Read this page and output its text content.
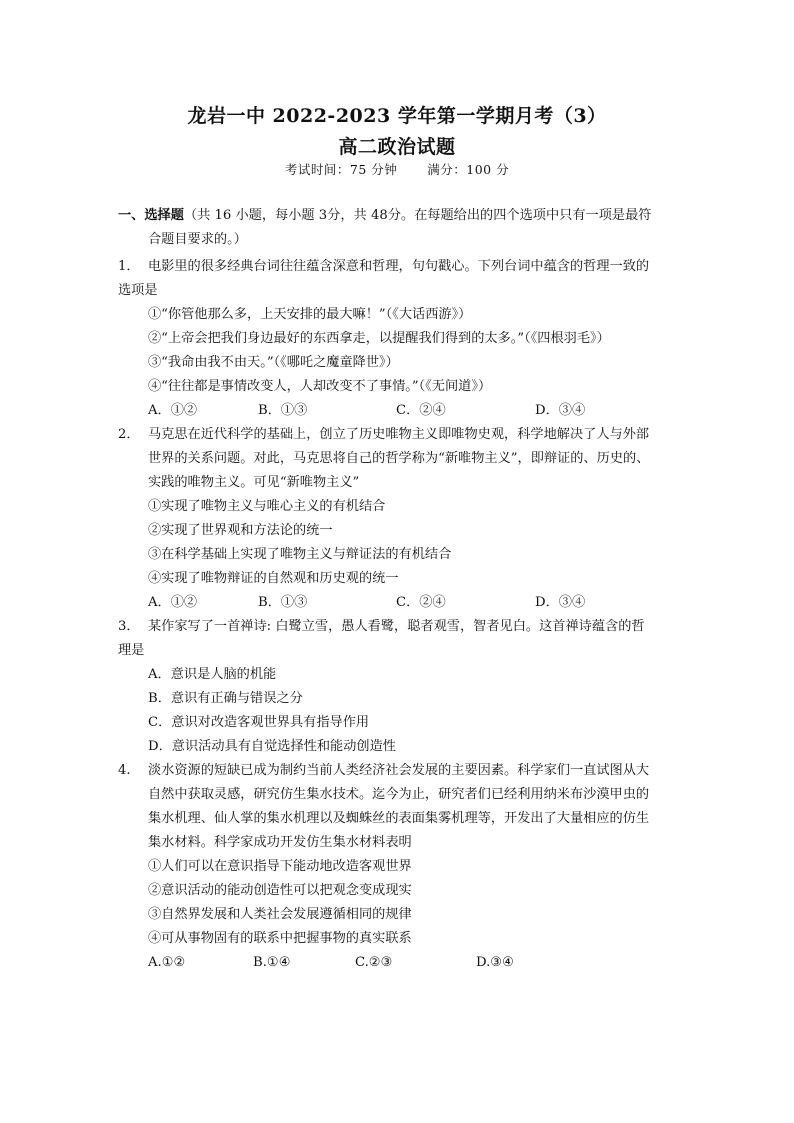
龙岩一中 2022-2023 学年第一学期月考（3）
高二政治试题
考试时间：75 分钟 满分：100 分
一、选择题（共 16 小题，每小题 3分，共 48分。在每题给出的四个选项中只有一项是最符
合题目要求的。）
1． 电影里的很多经典台词往往蕴含深意和哲理，句句戳心。下列台词中蕴含的哲理一致的
选项是
①“你管他那么多，上天安排的最大嘛！”（《大话西游》）
②“上帝会把我们身边最好的东西拿走，以提醒我们得到的太多。”（《四根羽毛》）
③“我命由我不由天。”（《哪吒之魔童降世》）
④“往往都是事情改变人，人却改变不了事情。”（《无间道》）
A．①②	B．①③	C．②④	D．③④
2． 马克思在近代科学的基础上，创立了历史唯物主义即唯物史观，科学地解决了人与外部
世界的关系问题。对此，马克思将自己的哲学称为“新唯物主义”，即辩证的、历史的、
实践的唯物主义。可见“新唯物主义”
①实现了唯物主义与唯心主义的有机结合
②实现了世界观和方法论的统一
③在科学基础上实现了唯物主义与辩证法的有机结合
④实现了唯物辩证的自然观和历史观的统一
A．①②	B．①③	C．②④	D．③④
3． 某作家写了一首禅诗: 白鹭立雪，愚人看鹭，聪者观雪，智者见白。这首禅诗蕴含的哲
理是
A．意识是人脑的机能
B．意识有正确与错误之分
C．意识对改造客观世界具有指导作用
D．意识活动具有自觉选择性和能动创造性
4. 淡水资源的短缺已成为制约当前人类经济社会发展的主要因素。科学家们一直试图从大
自然中获取灵感，研究仿生集水技术。迄今为止，研究者们已经利用纳米布沙漠甲虫的
集水机理、仙人掌的集水机理以及蜘蛛丝的表面集雾机理等，开发出了大量相应的仿生
集水材料。科学家成功开发仿生集水材料表明
①人们可以在意识指导下能动地改造客观世界
②意识活动的能动创造性可以把观念变成现实
③自然界发展和人类社会发展遵循相同的规律
④可从事物固有的联系中把握事物的真实联系
A.①②	B.①④	C.②③	D.③④
